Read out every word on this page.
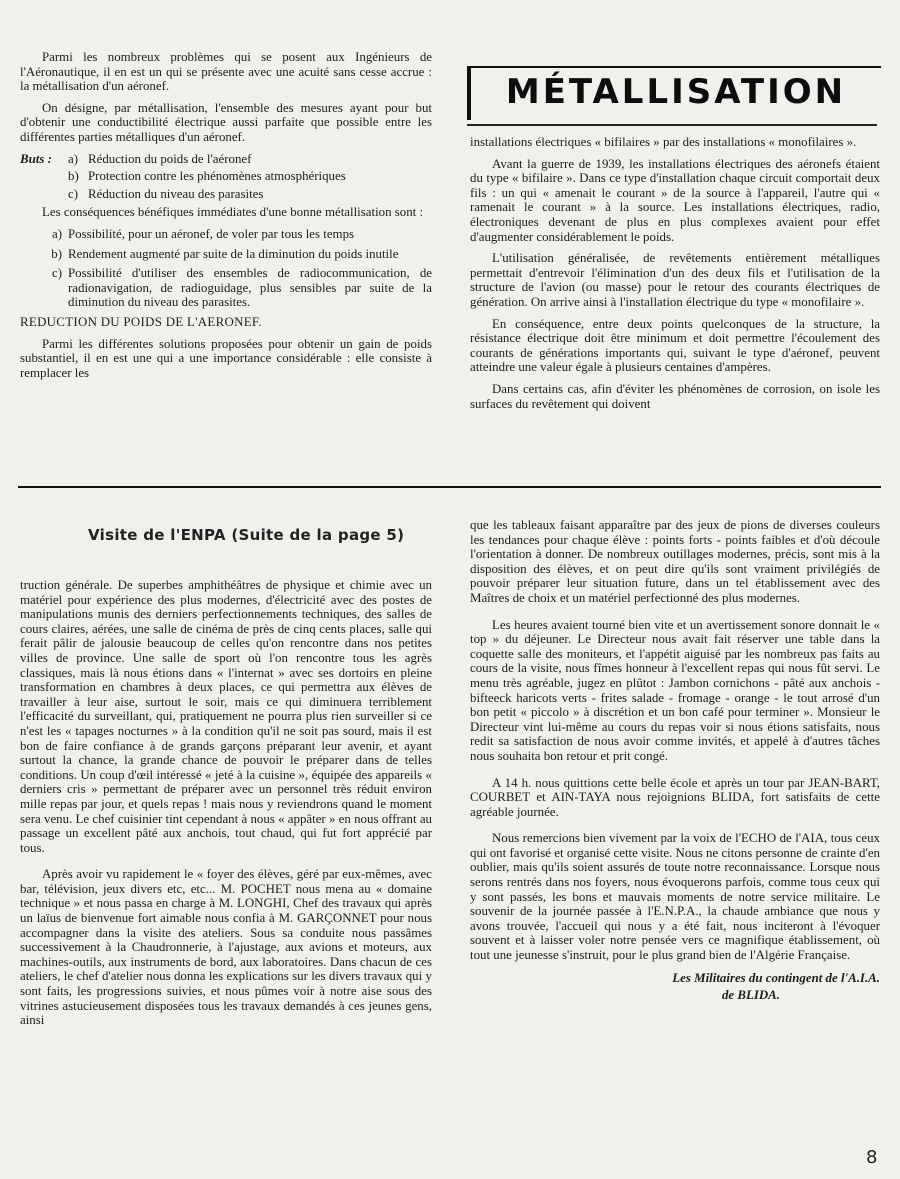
MÉTALLISATION

Parmi les nombreux problèmes qui se posent aux Ingénieurs de l'Aéronautique, il en est un qui se présente avec une acuité sans cesse accrue : la métallisation d'un aéronef.

On désigne, par métallisation, l'ensemble des mesures ayant pour but d'obtenir une conductibilité électrique aussi parfaite que possible entre les différentes parties métalliques d'un aéronef.

Buts :	a) Réduction du poids de l'aéronef
b) Protection contre les phénomènes atmosphériques
c) Réduction du niveau des parasites

Les conséquences bénéfiques immédiates d'une bonne métallisation sont :

a) Possibilité, pour un aéronef, de voler par tous les temps
b) Rendement augmenté par suite de la diminution du poids inutile
c) Possibilité d'utiliser des ensembles de radiocommunication, de radionavigation, de radioguidage, plus sensibles par suite de la diminution du niveau des parasites.

REDUCTION DU POIDS DE L'AERONEF.

Parmi les différentes solutions proposées pour obtenir un gain de poids substantiel, il en est une qui a une importance considérable : elle consiste à remplacer les

installations électriques « bifilaires » par des installations « monofilaires ».

Avant la guerre de 1939, les installations électriques des aéronefs étaient du type « bifilaire ». Dans ce type d'installation chaque circuit comportait deux fils : un qui « amenait le courant » de la source à l'appareil, l'autre qui « ramenait le courant » à la source. Les installations électriques, radio, électroniques devenant de plus en plus complexes avaient pour effet d'augmenter considérablement le poids.

L'utilisation généralisée, de revêtements entièrement métalliques permettait d'entrevoir l'élimination d'un des deux fils et l'utilisation de la structure de l'avion (ou masse) pour le retour des courants électriques de génération. On arrive ainsi à l'installation électrique du type « monofilaire ».

En conséquence, entre deux points quelconques de la structure, la résistance électrique doit être minimum et doit permettre l'écoulement des courants de générations importants qui, suivant le type d'aéronef, peuvent atteindre une valeur égale à plusieurs centaines d'ampères.

Dans certains cas, afin d'éviter les phénomènes de corrosion, on isole les surfaces du revêtement qui doivent

Visite de l'ENPA (Suite de la page 5)

truction générale. De superbes amphithéâtres de physique et chimie avec un matériel pour expérience des plus modernes, d'électricité avec des postes de manipulations munis des derniers perfectionnements techniques, des salles de cours claires, aérées, une salle de cinéma de près de cinq cents places, salle qui ferait pâlir de jalousie beaucoup de celles qu'on rencontre dans nos petites villes de province. Une salle de sport où l'on rencontre tous les agrès classiques, mais là nous étions dans « l'internat » avec ses dortoirs en pleine transformation en chambres à deux places, ce qui permettra aux élèves de travailler à leur aise, surtout le soir, mais ce qui diminuera terriblement l'efficacité du surveillant, qui, pratiquement ne pourra plus rien surveiller si ce n'est les « tapages nocturnes » à la condition qu'il ne soit pas sourd, mais il est bon de faire confiance à de grands garçons préparant leur avenir, et ayant surtout la chance, la grande chance de pouvoir le préparer dans de telles conditions. Un coup d'œil intéressé « jeté à la cuisine », équipée des appareils « derniers cris » permettant de préparer avec un personnel très réduit environ mille repas par jour, et quels repas ! mais nous y reviendrons quand le moment sera venu. Le chef cuisinier tint cependant à nous « appâter » en nous offrant au passage un excellent pâté aux anchois, tout chaud, qui fut fort apprécié par tous.

Après avoir vu rapidement le « foyer des élèves, géré par eux-mêmes, avec bar, télévision, jeux divers etc, etc... M. POCHET nous mena au « domaine technique » et nous passa en charge à M. LONGHI, Chef des travaux qui après un laïus de bienvenue fort aimable nous confia à M. GARÇONNET pour nous accompagner dans la visite des ateliers. Sous sa conduite nous passâmes successivement à la Chaudronnerie, à l'ajustage, aux avions et moteurs, aux machines-outils, aux instruments de bord, aux laboratoires. Dans chacun de ces ateliers, le chef d'atelier nous donna les explications sur les divers travaux qui y sont faits, les progressions suivies, et nous pûmes voir à notre aise sous des vitrines astucieusement disposées tous les travaux demandés à ces jeunes gens, ainsi

que les tableaux faisant apparaître par des jeux de pions de diverses couleurs les tendances pour chaque élève : points forts - points faibles et d'où découle l'orientation à donner. De nombreux outillages modernes, précis, sont mis à la disposition des élèves, et on peut dire qu'ils sont vraiment privilégiés de pouvoir préparer leur situation future, dans un tel établissement avec des Maîtres de choix et un matériel perfectionné des plus modernes.

Les heures avaient tourné bien vite et un avertissement sonore donnait le « top » du déjeuner. Le Directeur nous avait fait réserver une table dans la coquette salle des moniteurs, et l'appétit aiguisé par les nombreux pas faits au cours de la visite, nous fîmes honneur à l'excellent repas qui nous fût servi. Le menu très agréable, jugez en plûtot : Jambon cornichons - pâté aux anchois - bifteeck haricots verts - frites salade - fromage - orange - le tout arrosé d'un bon petit « piccolo » à discrétion et un bon café pour terminer ». Monsieur le Directeur vint lui-même au cours du repas voir si nous étions satisfaits, nous redit sa satisfaction de nous avoir comme invités, et appelé à d'autres tâches nous souhaita bon retour et prit congé.

A 14 h. nous quittions cette belle école et après un tour par JEAN-BART, COURBET et AIN-TAYA nous rejoignions BLIDA, fort satisfaits de cette agréable journée.

Nous remercions bien vivement par la voix de l'ECHO de l'AIA, tous ceux qui ont favorisé et organisé cette visite. Nous ne citons personne de crainte d'en oublier, mais qu'ils soient assurés de toute notre reconnaissance. Lorsque nous serons rentrés dans nos foyers, nous évoquerons parfois, comme tous ceux qui y sont passés, les bons et mauvais moments de notre service militaire. Le souvenir de la journée passée à l'E.N.P.A., la chaude ambiance que nous y avons trouvée, l'accueil qui nous y a été fait, nous inciteront à l'évoquer souvent et à laisser voler notre pensée vers ce magnifique établissement, où tout une jeunesse s'instruit, pour le plus grand bien de l'Algérie Française.

Les Militaires du contingent de l'A.I.A.

de BLIDA.

8
